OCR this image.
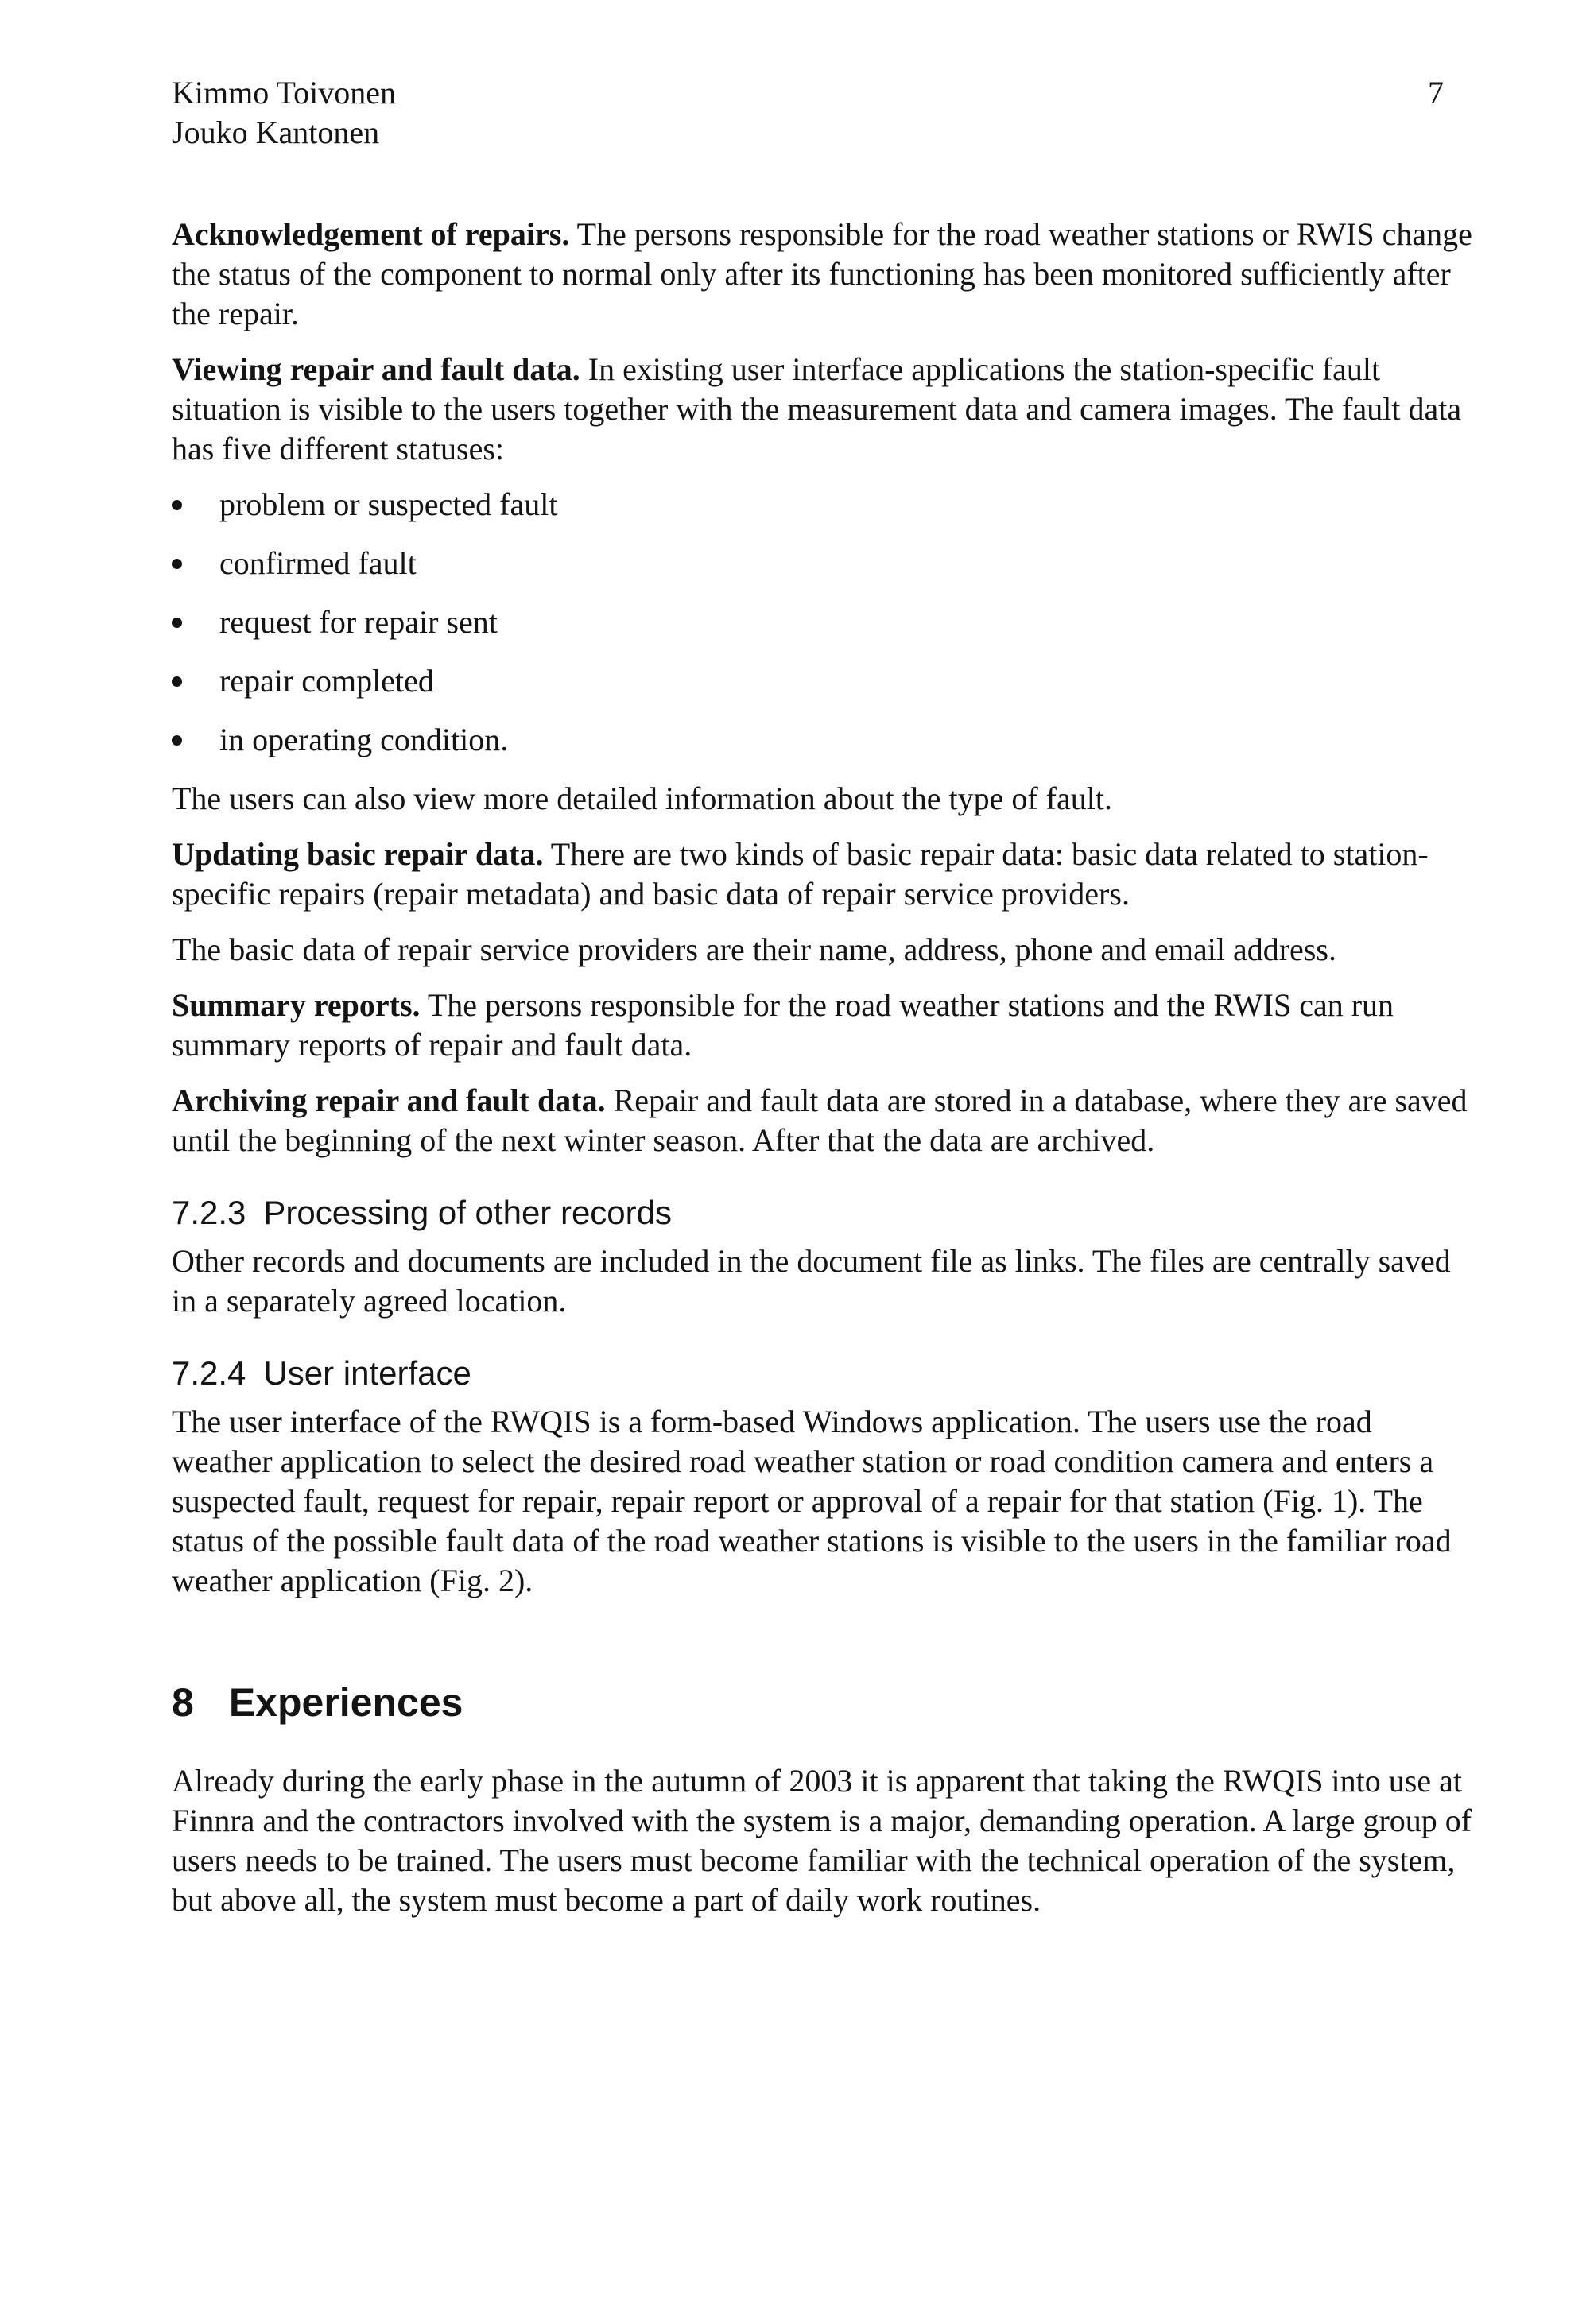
Kimmo Toivonen
Jouko Kantonen
7

Acknowledgement of repairs. The persons responsible for the road weather stations or RWIS change the status of the component to normal only after its functioning has been monitored sufficiently after the repair.

Viewing repair and fault data. In existing user interface applications the station-specific fault situation is visible to the users together with the measurement data and camera images. The fault data has five different statuses:

problem or suspected fault
confirmed fault
request for repair sent
repair completed
in operating condition.

The users can also view more detailed information about the type of fault.

Updating basic repair data. There are two kinds of basic repair data: basic data related to station-specific repairs (repair metadata) and basic data of repair service providers.

The basic data of repair service providers are their name, address, phone and email address.

Summary reports. The persons responsible for the road weather stations and the RWIS can run summary reports of repair and fault data.

Archiving repair and fault data. Repair and fault data are stored in a database, where they are saved until the beginning of the next winter season. After that the data are archived.

7.2.3 Processing of other records

Other records and documents are included in the document file as links. The files are centrally saved in a separately agreed location.

7.2.4 User interface

The user interface of the RWQIS is a form-based Windows application. The users use the road weather application to select the desired road weather station or road condition camera and enters a suspected fault, request for repair, repair report or approval of a repair for that station (Fig. 1). The status of the possible fault data of the road weather stations is visible to the users in the familiar road weather application (Fig. 2).

8 Experiences

Already during the early phase in the autumn of 2003 it is apparent that taking the RWQIS into use at Finnra and the contractors involved with the system is a major, demanding operation. A large group of users needs to be trained. The users must become familiar with the technical operation of the system, but above all, the system must become a part of daily work routines.
